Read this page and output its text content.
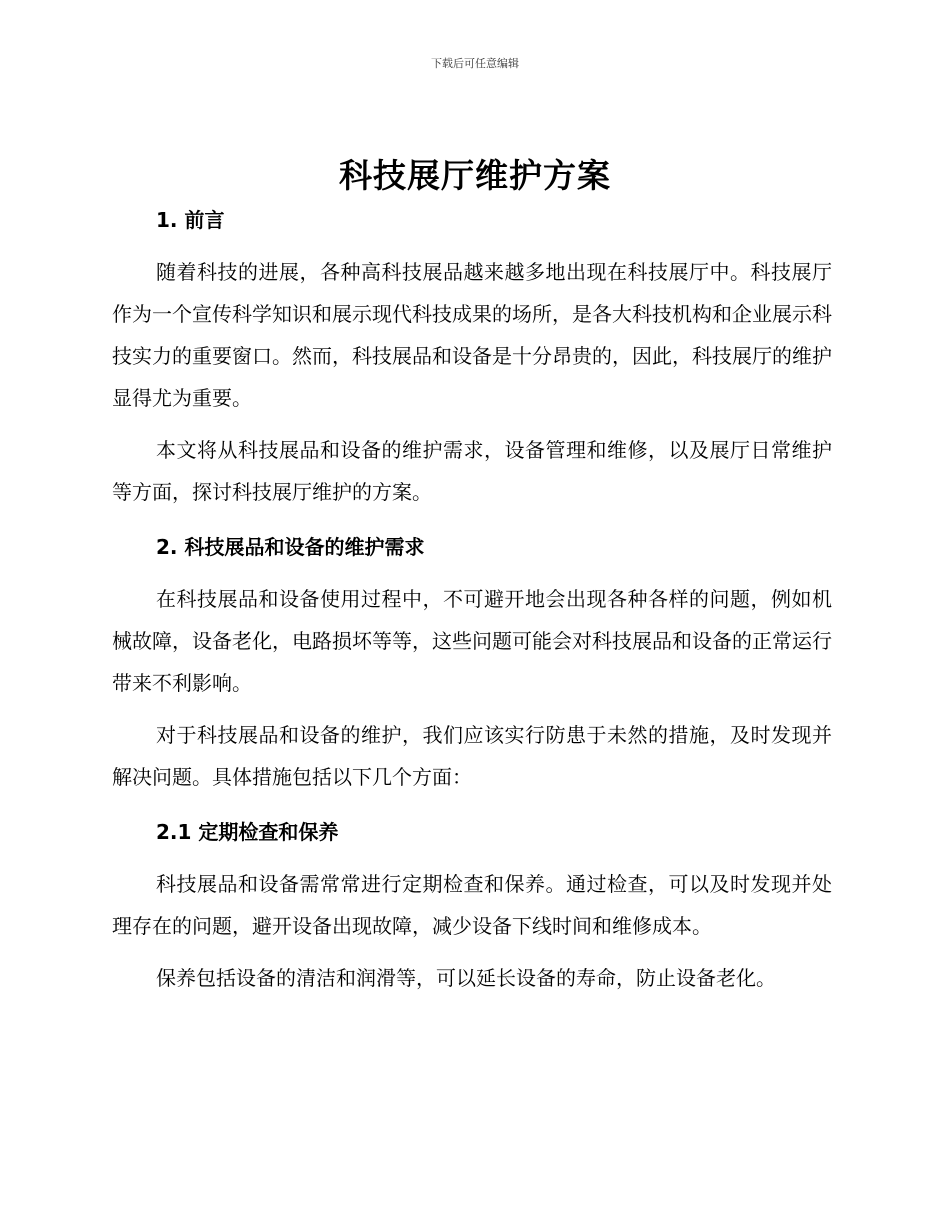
下载后可任意编辑
科技展厅维护方案
1. 前言

随着科技的进展，各种高科技展品越来越多地出现在科技展厅中。科技展厅作为一个宣传科学知识和展示现代科技成果的场所，是各大科技机构和企业展示科技实力的重要窗口。然而，科技展品和设备是十分昂贵的，因此，科技展厅的维护显得尤为重要。

本文将从科技展品和设备的维护需求，设备管理和维修，以及展厅日常维护等方面，探讨科技展厅维护的方案。

2. 科技展品和设备的维护需求

在科技展品和设备使用过程中，不可避开地会出现各种各样的问题，例如机械故障，设备老化，电路损坏等等，这些问题可能会对科技展品和设备的正常运行带来不利影响。

对于科技展品和设备的维护，我们应该实行防患于未然的措施，及时发现并解决问题。具体措施包括以下几个方面：

2.1 定期检查和保养

科技展品和设备需常常进行定期检查和保养。通过检查，可以及时发现并处理存在的问题，避开设备出现故障，减少设备下线时间和维修成本。

保养包括设备的清洁和润滑等，可以延长设备的寿命，防止设备老化。
